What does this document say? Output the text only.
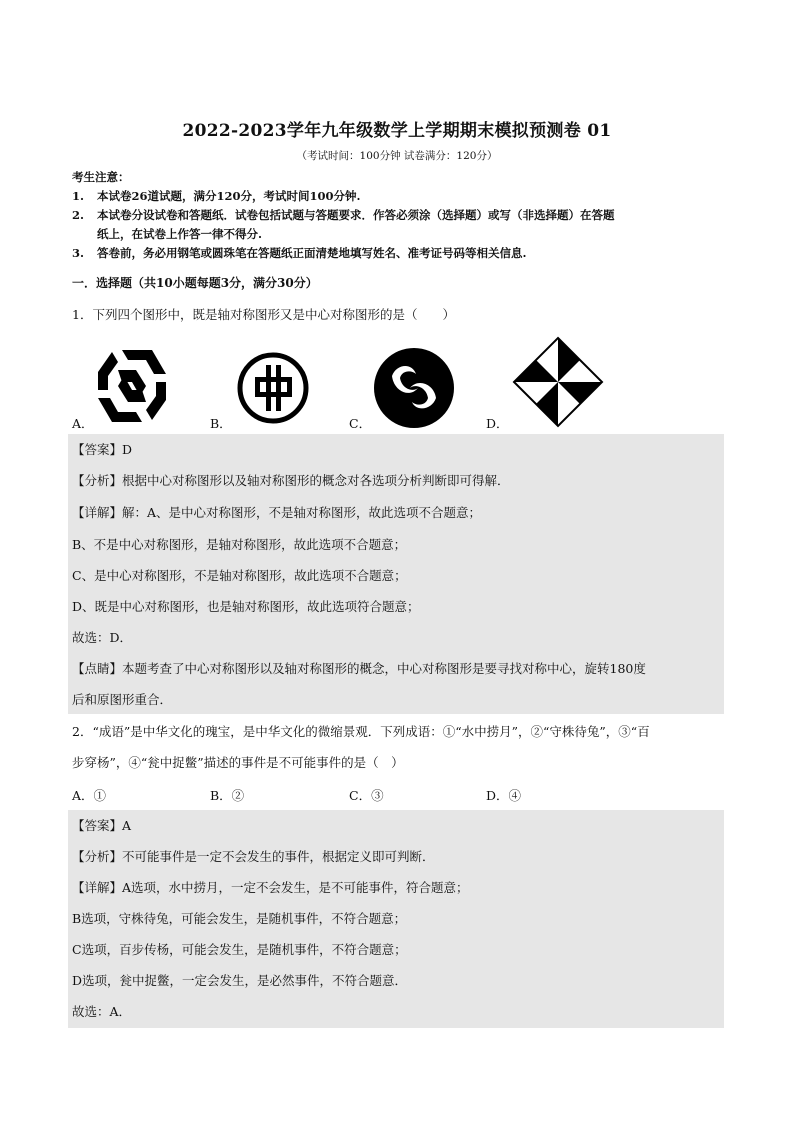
2022-2023学年九年级数学上学期期末模拟预测卷 01
（考试时间：100分钟 试卷满分：120分）
考生注意：
1. 本试卷26道试题，满分120分，考试时间100分钟.
2. 本试卷分设试卷和答题纸．试卷包括试题与答题要求．作答必须涂（选择题）或写（非选择题）在答题
纸上，在试卷上作答一律不得分.
3. 答卷前，务必用钢笔或圆珠笔在答题纸正面清楚地填写姓名、准考证号码等相关信息.
一．选择题（共10小题每题3分，满分30分）
1．下列四个图形中，既是轴对称图形又是中心对称图形的是（　　）
A．	B．	C．	D．
【答案】D
【分析】根据中心对称图形以及轴对称图形的概念对各选项分析判断即可得解．
【详解】解：A、是中心对称图形，不是轴对称图形，故此选项不合题意；
B、不是中心对称图形，是轴对称图形，故此选项不合题意；
C、是中心对称图形，不是轴对称图形，故此选项不合题意；
D、既是中心对称图形，也是轴对称图形，故此选项符合题意；
故选：D．
【点睛】本题考查了中心对称图形以及轴对称图形的概念，中心对称图形是要寻找对称中心，旋转180度
后和原图形重合．
2．“成语”是中华文化的瑰宝，是中华文化的微缩景观．下列成语：①“水中捞月”，②“守株待兔”，③“百
步穿杨”，④“瓮中捉鳖”描述的事件是不可能事件的是（　）
A．①	B．②	C．③	D．④
【答案】A
【分析】不可能事件是一定不会发生的事件，根据定义即可判断．
【详解】A选项，水中捞月，一定不会发生，是不可能事件，符合题意；
B选项，守株待兔，可能会发生，是随机事件，不符合题意；
C选项，百步传杨，可能会发生，是随机事件，不符合题意；
D选项，瓮中捉鳖，一定会发生，是必然事件，不符合题意．
故选：A．
